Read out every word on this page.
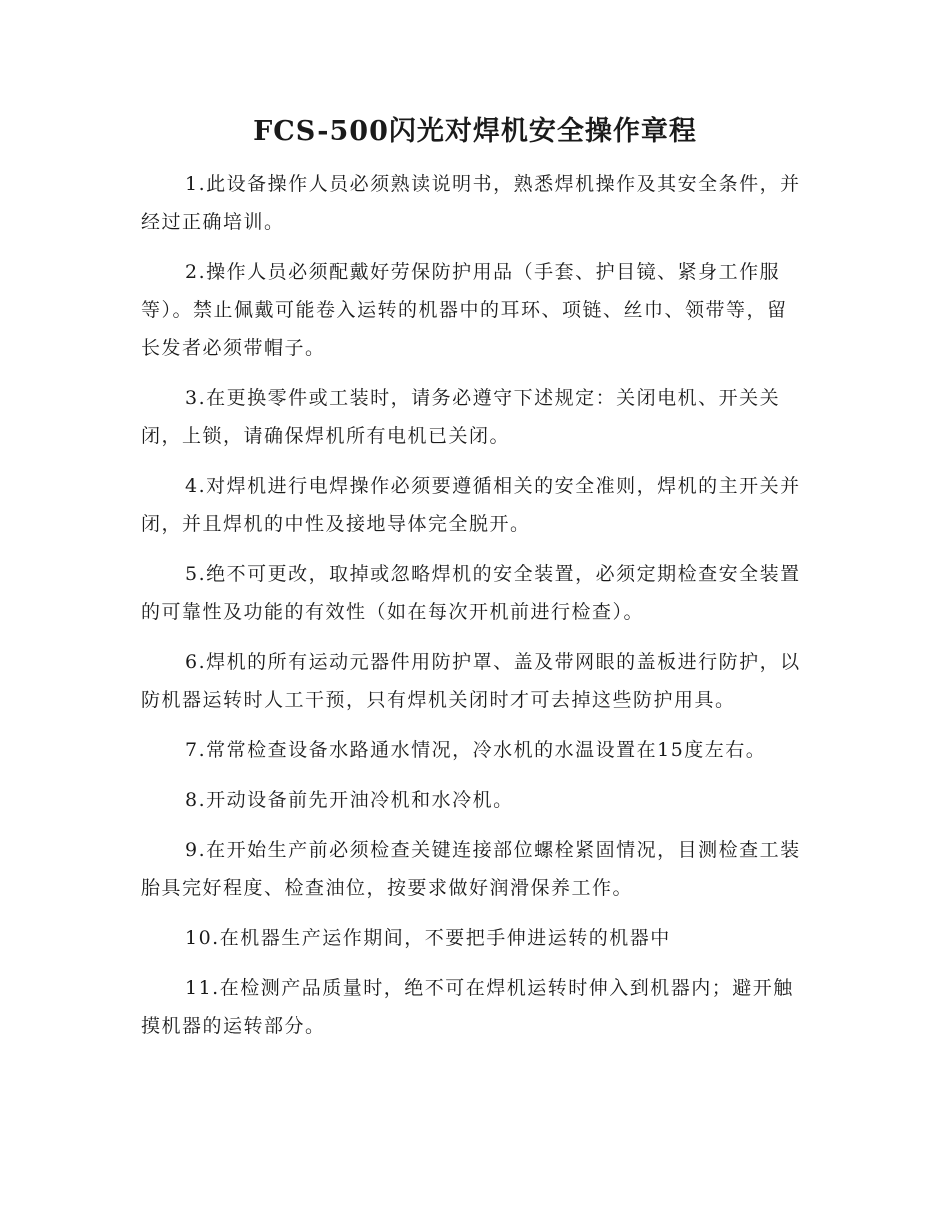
FCS-500闪光对焊机安全操作章程
1.此设备操作人员必须熟读说明书，熟悉焊机操作及其安全条件，并经过正确培训。
2.操作人员必须配戴好劳保防护用品（手套、护目镜、紧身工作服等）。禁止佩戴可能卷入运转的机器中的耳环、项链、丝巾、领带等，留长发者必须带帽子。
3.在更换零件或工装时，请务必遵守下述规定：关闭电机、开关关闭，上锁，请确保焊机所有电机已关闭。
4.对焊机进行电焊操作必须要遵循相关的安全准则，焊机的主开关并闭，并且焊机的中性及接地导体完全脱开。
5.绝不可更改，取掉或忽略焊机的安全装置，必须定期检查安全装置的可靠性及功能的有效性（如在每次开机前进行检查）。
6.焊机的所有运动元器件用防护罩、盖及带网眼的盖板进行防护，以防机器运转时人工干预，只有焊机关闭时才可去掉这些防护用具。
7.常常检查设备水路通水情况，冷水机的水温设置在15度左右。
8.开动设备前先开油冷机和水冷机。
9.在开始生产前必须检查关键连接部位螺栓紧固情况，目测检查工装胎具完好程度、检查油位，按要求做好润滑保养工作。
10.在机器生产运作期间，不要把手伸进运转的机器中
11.在检测产品质量时，绝不可在焊机运转时伸入到机器内；避开触摸机器的运转部分。
